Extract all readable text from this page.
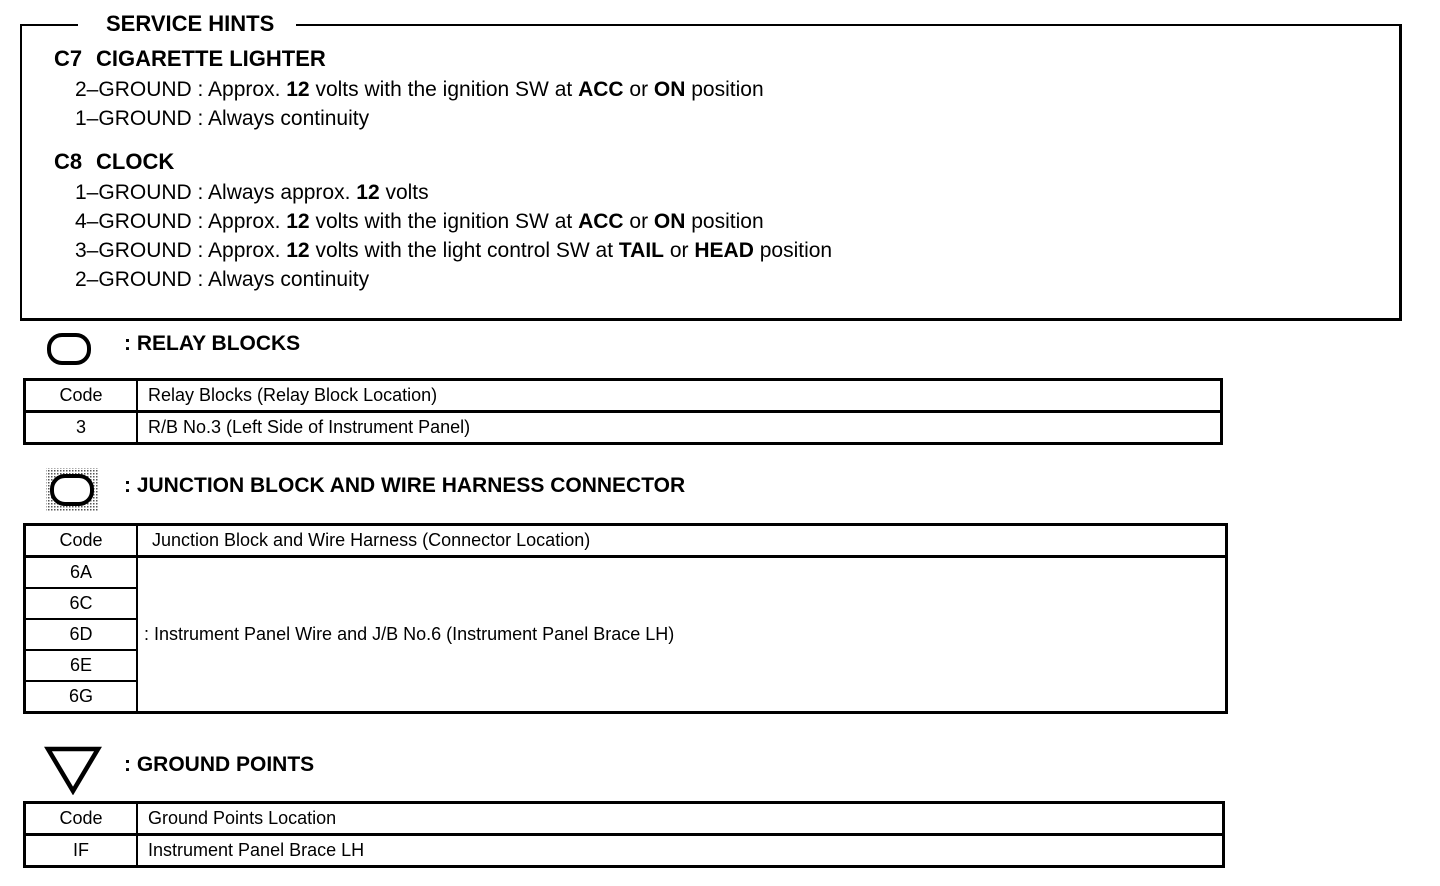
SERVICE HINTS
C7 CIGARETTE LIGHTER
2–GROUND : Approx. 12 volts with the ignition SW at ACC or ON position
1–GROUND : Always continuity
C8 CLOCK
1–GROUND : Always approx. 12 volts
4–GROUND : Approx. 12 volts with the ignition SW at ACC or ON position
3–GROUND : Approx. 12 volts with the light control SW at TAIL or HEAD position
2–GROUND : Always continuity
: RELAY BLOCKS
Code	Relay Blocks (Relay Block Location)
3	R/B No.3 (Left Side of Instrument Panel)
: JUNCTION BLOCK AND WIRE HARNESS CONNECTOR
Code	Junction Block and Wire Harness (Connector Location)
6A	: Instrument Panel Wire and J/B No.6 (Instrument Panel Brace LH)
6C	
6D	
6E	
6G	
: GROUND POINTS
Code	Ground Points Location
IF	Instrument Panel Brace LH
